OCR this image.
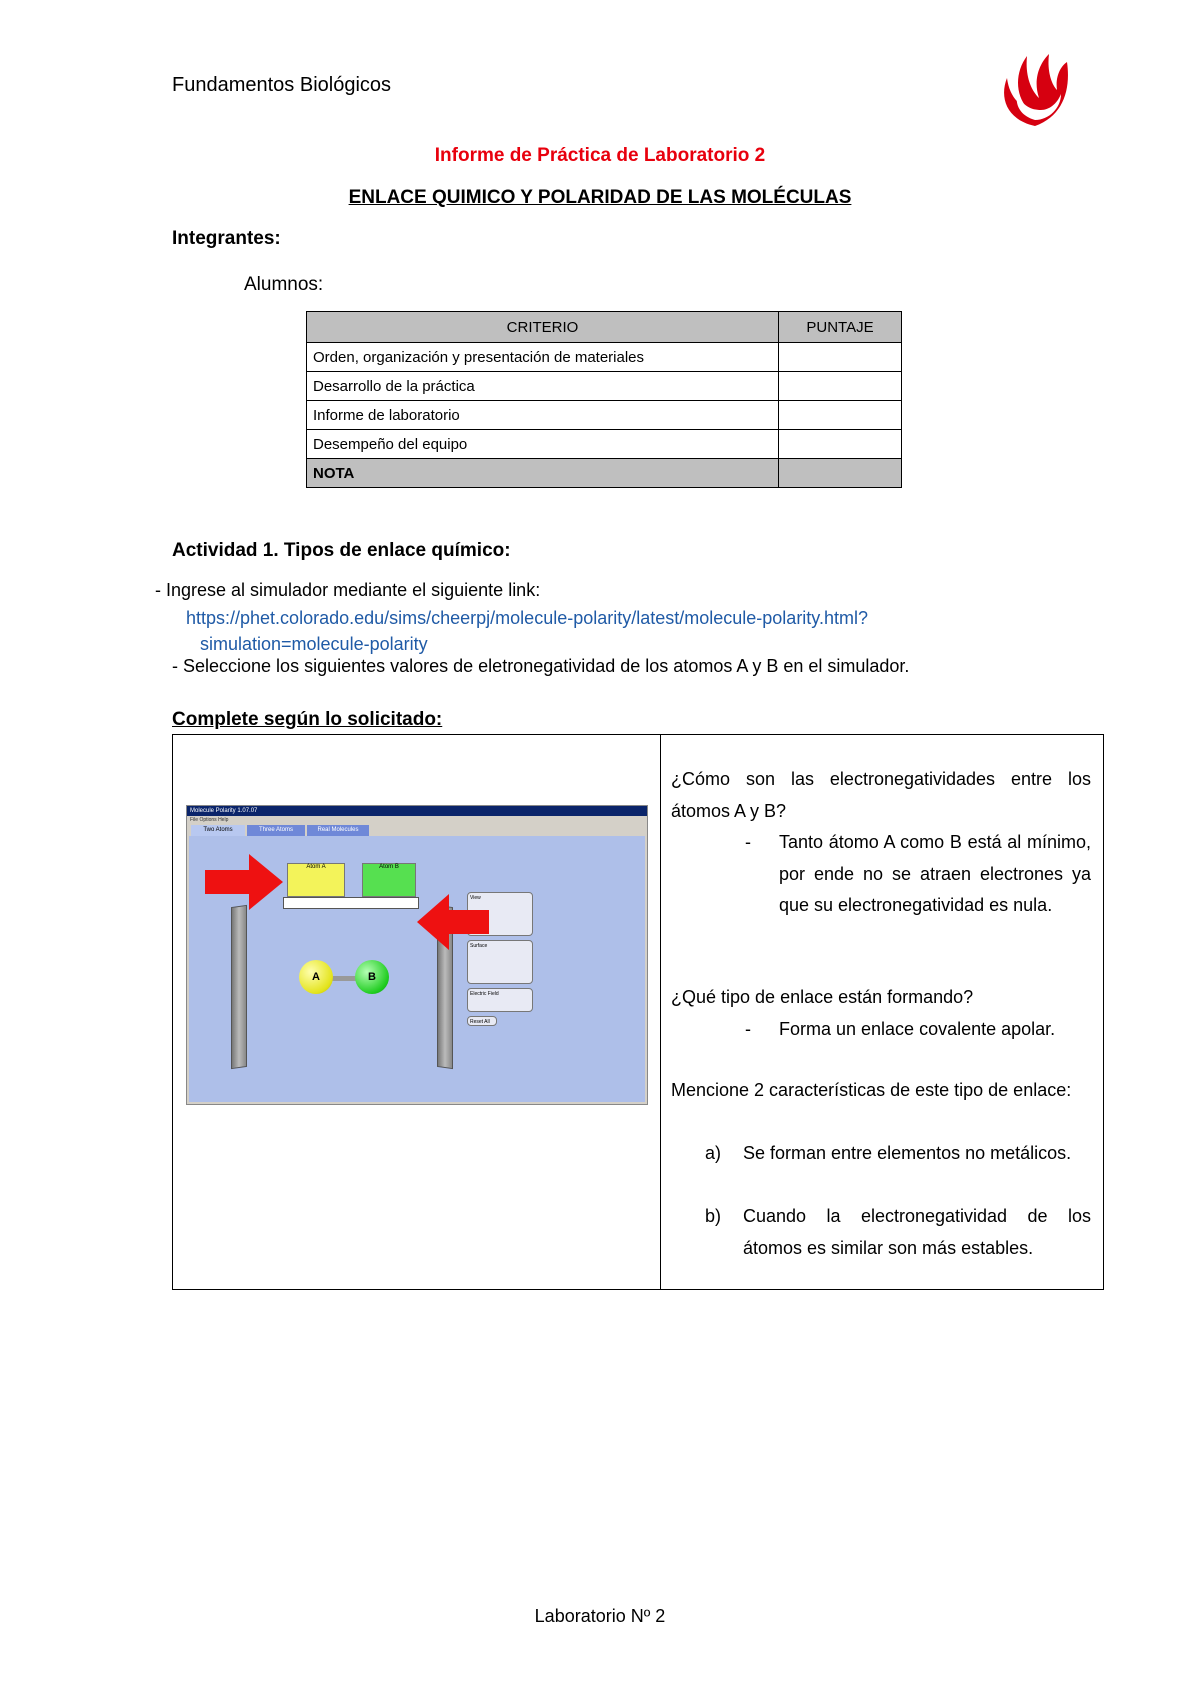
Fundamentos Biológicos
Informe de Práctica de Laboratorio 2
ENLACE QUIMICO Y POLARIDAD DE LAS MOLÉCULAS
Integrantes:
Alumnos:
CRITERIO	PUNTAJE
Orden, organización y presentación de materiales	
Desarrollo de la práctica	
Informe de laboratorio	
Desempeño del equipo	
NOTA	
Actividad 1. Tipos de enlace químico:
- Ingrese al simulador mediante el siguiente link:
https://phet.colorado.edu/sims/cheerpj/molecule-polarity/latest/molecule-polarity.html?
simulation=molecule-polarity
- Seleccione los siguientes valores de eletronegatividad de los atomos A y B en el simulador.
Complete según lo solicitado:
Molecule Polarity 1.07.07
File Options Help
Two Atoms	Three Atoms	Real Molecules
Atom A	Atom B
A	B
View
Surface
Electric Field
Reset All
¿Cómo son las electronegatividades entre los átomos A y B?
-	Tanto átomo A como B está al mínimo, por ende no se atraen electrones ya que su electronegatividad es nula.
¿Qué tipo de enlace están formando?
-	Forma un enlace covalente apolar.
Mencione 2 características de este tipo de enlace:
a)	Se forman entre elementos no metálicos.
b)	Cuando la electronegatividad de los átomos es similar son más estables.
Laboratorio Nº 2
